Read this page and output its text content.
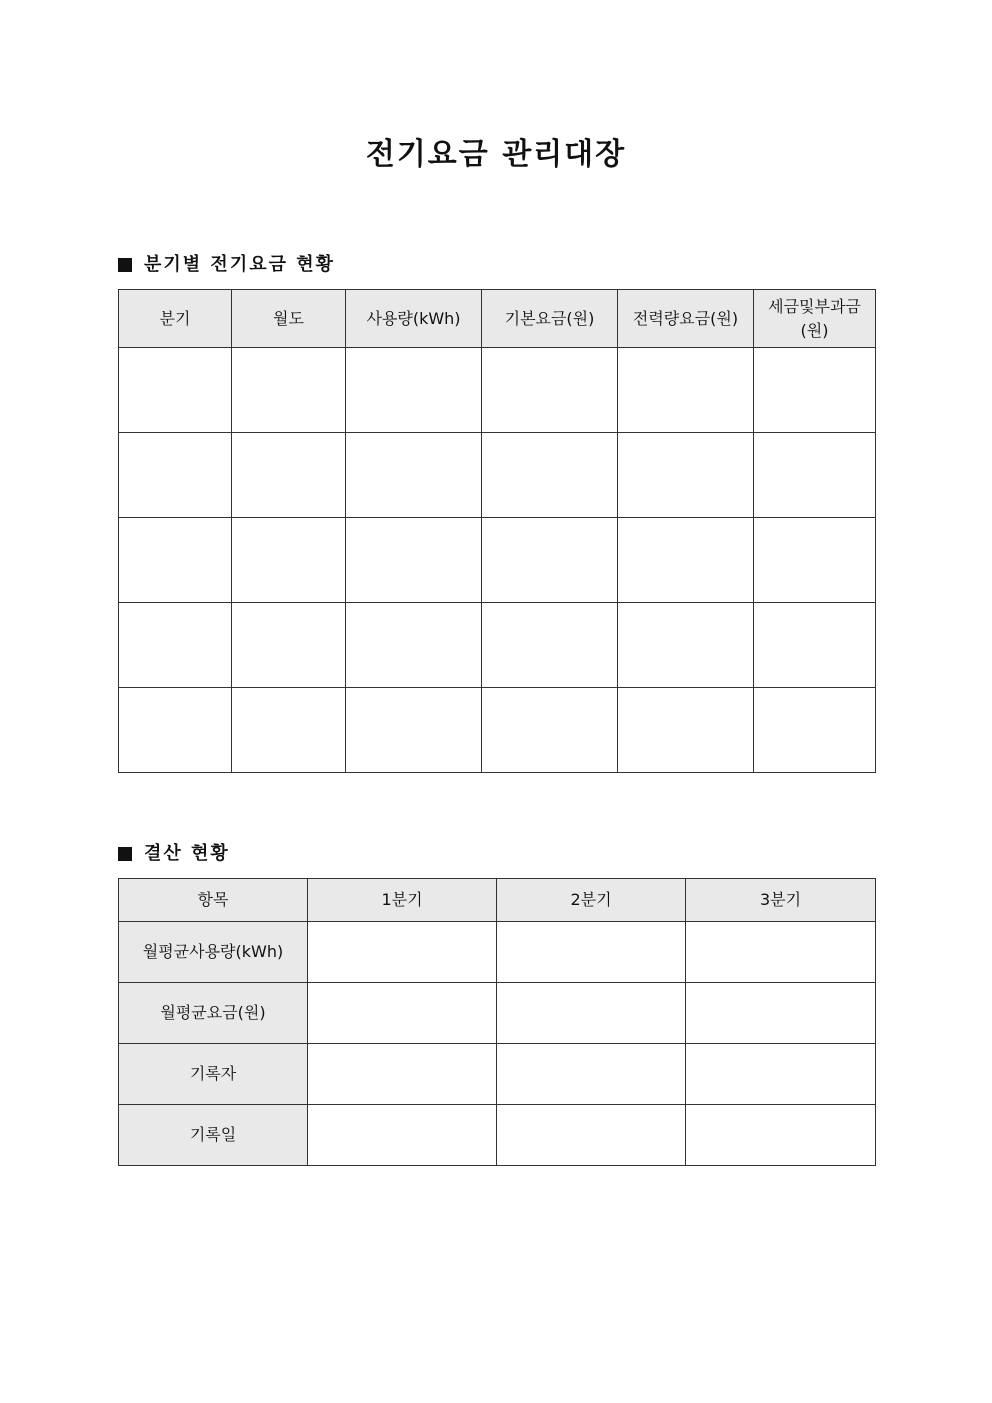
전기요금 관리대장
분기별 전기요금 현황
분기	월도	사용량(kWh)	기본요금(원)	전력량요금(원)	세금및부과금
(원)

결산 현황
항목	1분기	2분기	3분기
월평균사용량(kWh)			
월평균요금(원)			
기록자			
기록일			
